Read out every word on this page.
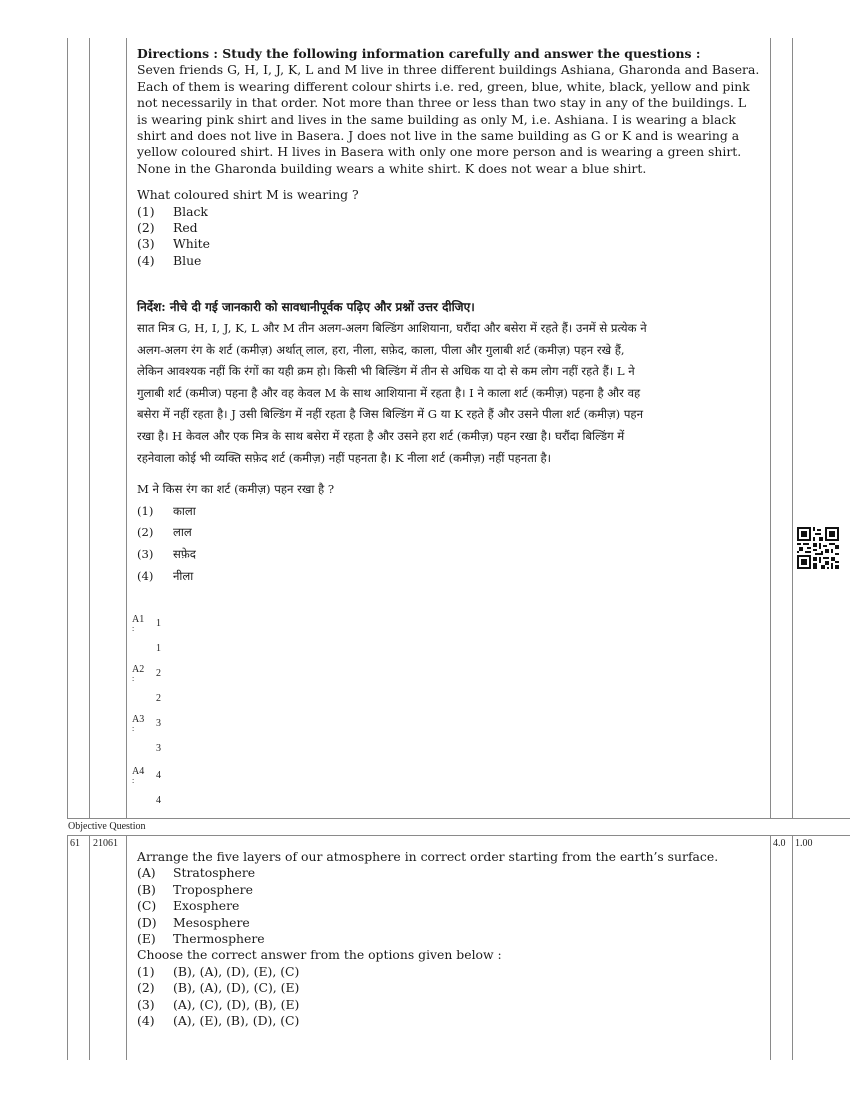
Directions : Study the following information carefully and answer the questions :
Seven friends G, H, I, J, K, L and M live in three different buildings Ashiana, Gharonda and Basera.
Each of them is wearing different colour shirts i.e. red, green, blue, white, black, yellow and pink
not necessarily in that order. Not more than three or less than two stay in any of the buildings. L
is wearing pink shirt and lives in the same building as only M, i.e. Ashiana. I is wearing a black
shirt and does not live in Basera. J does not live in the same building as G or K and is wearing a
yellow coloured shirt. H lives in Basera with only one more person and is wearing a green shirt.
None in the Gharonda building wears a white shirt. K does not wear a blue shirt.
What coloured shirt M is wearing ?
(1)	Black
(2)	Red
(3)	White
(4)	Blue
निर्देश: नीचे दी गई जानकारी को सावधानीपूर्वक पढ़िए और प्रश्नों उत्तर दीजिए।
सात मित्र G, H, I, J, K, L और M तीन अलग-अलग बिल्डिंग आशियाना, घरौंदा और बसेरा में रहते हैं। उनमें से प्रत्येक ने
अलग-अलग रंग के शर्ट (कमीज़) अर्थात् लाल, हरा, नीला, सफ़ेद, काला, पीला और गुलाबी शर्ट (कमीज़) पहन रखे हैं,
लेकिन आवश्यक नहीं कि रंगों का यही क्रम हो। किसी भी बिल्डिंग में तीन से अधिक या दो से कम लोग नहीं रहते हैं। L ने
गुलाबी शर्ट (कमीज) पहना है और वह केवल M के साथ आशियाना में रहता है। I ने काला शर्ट (कमीज़) पहना है और वह
बसेरा में नहीं रहता है। J उसी बिल्डिंग में नहीं रहता है जिस बिल्डिंग में G या K रहते हैं और उसने पीला शर्ट (कमीज़) पहन
रखा है। H केवल और एक मित्र के साथ बसेरा में रहता है और उसने हरा शर्ट (कमीज़) पहन रखा है। घरौंदा बिल्डिंग में
रहनेवाला कोई भी व्यक्ति सफ़ेद शर्ट (कमीज़) नहीं पहनता है। K नीला शर्ट (कमीज़) नहीं पहनता है।
M ने किस रंग का शर्ट (कमीज़) पहन रखा है ?
(1)	काला
(2)	लाल
(3)	सफ़ेद
(4)	नीला
A1
: 1
1
A2
: 2
2
A3
: 3
3
A4
: 4
4
Objective Question
61 21061	4.0 1.00
Arrange the five layers of our atmosphere in correct order starting from the earth’s surface.
(A)	Stratosphere
(B)	Troposphere
(C)	Exosphere
(D)	Mesosphere
(E)	Thermosphere
Choose the correct answer from the options given below :
(1)	(B), (A), (D), (E), (C)
(2)	(B), (A), (D), (C), (E)
(3)	(A), (C), (D), (B), (E)
(4)	(A), (E), (B), (D), (C)
